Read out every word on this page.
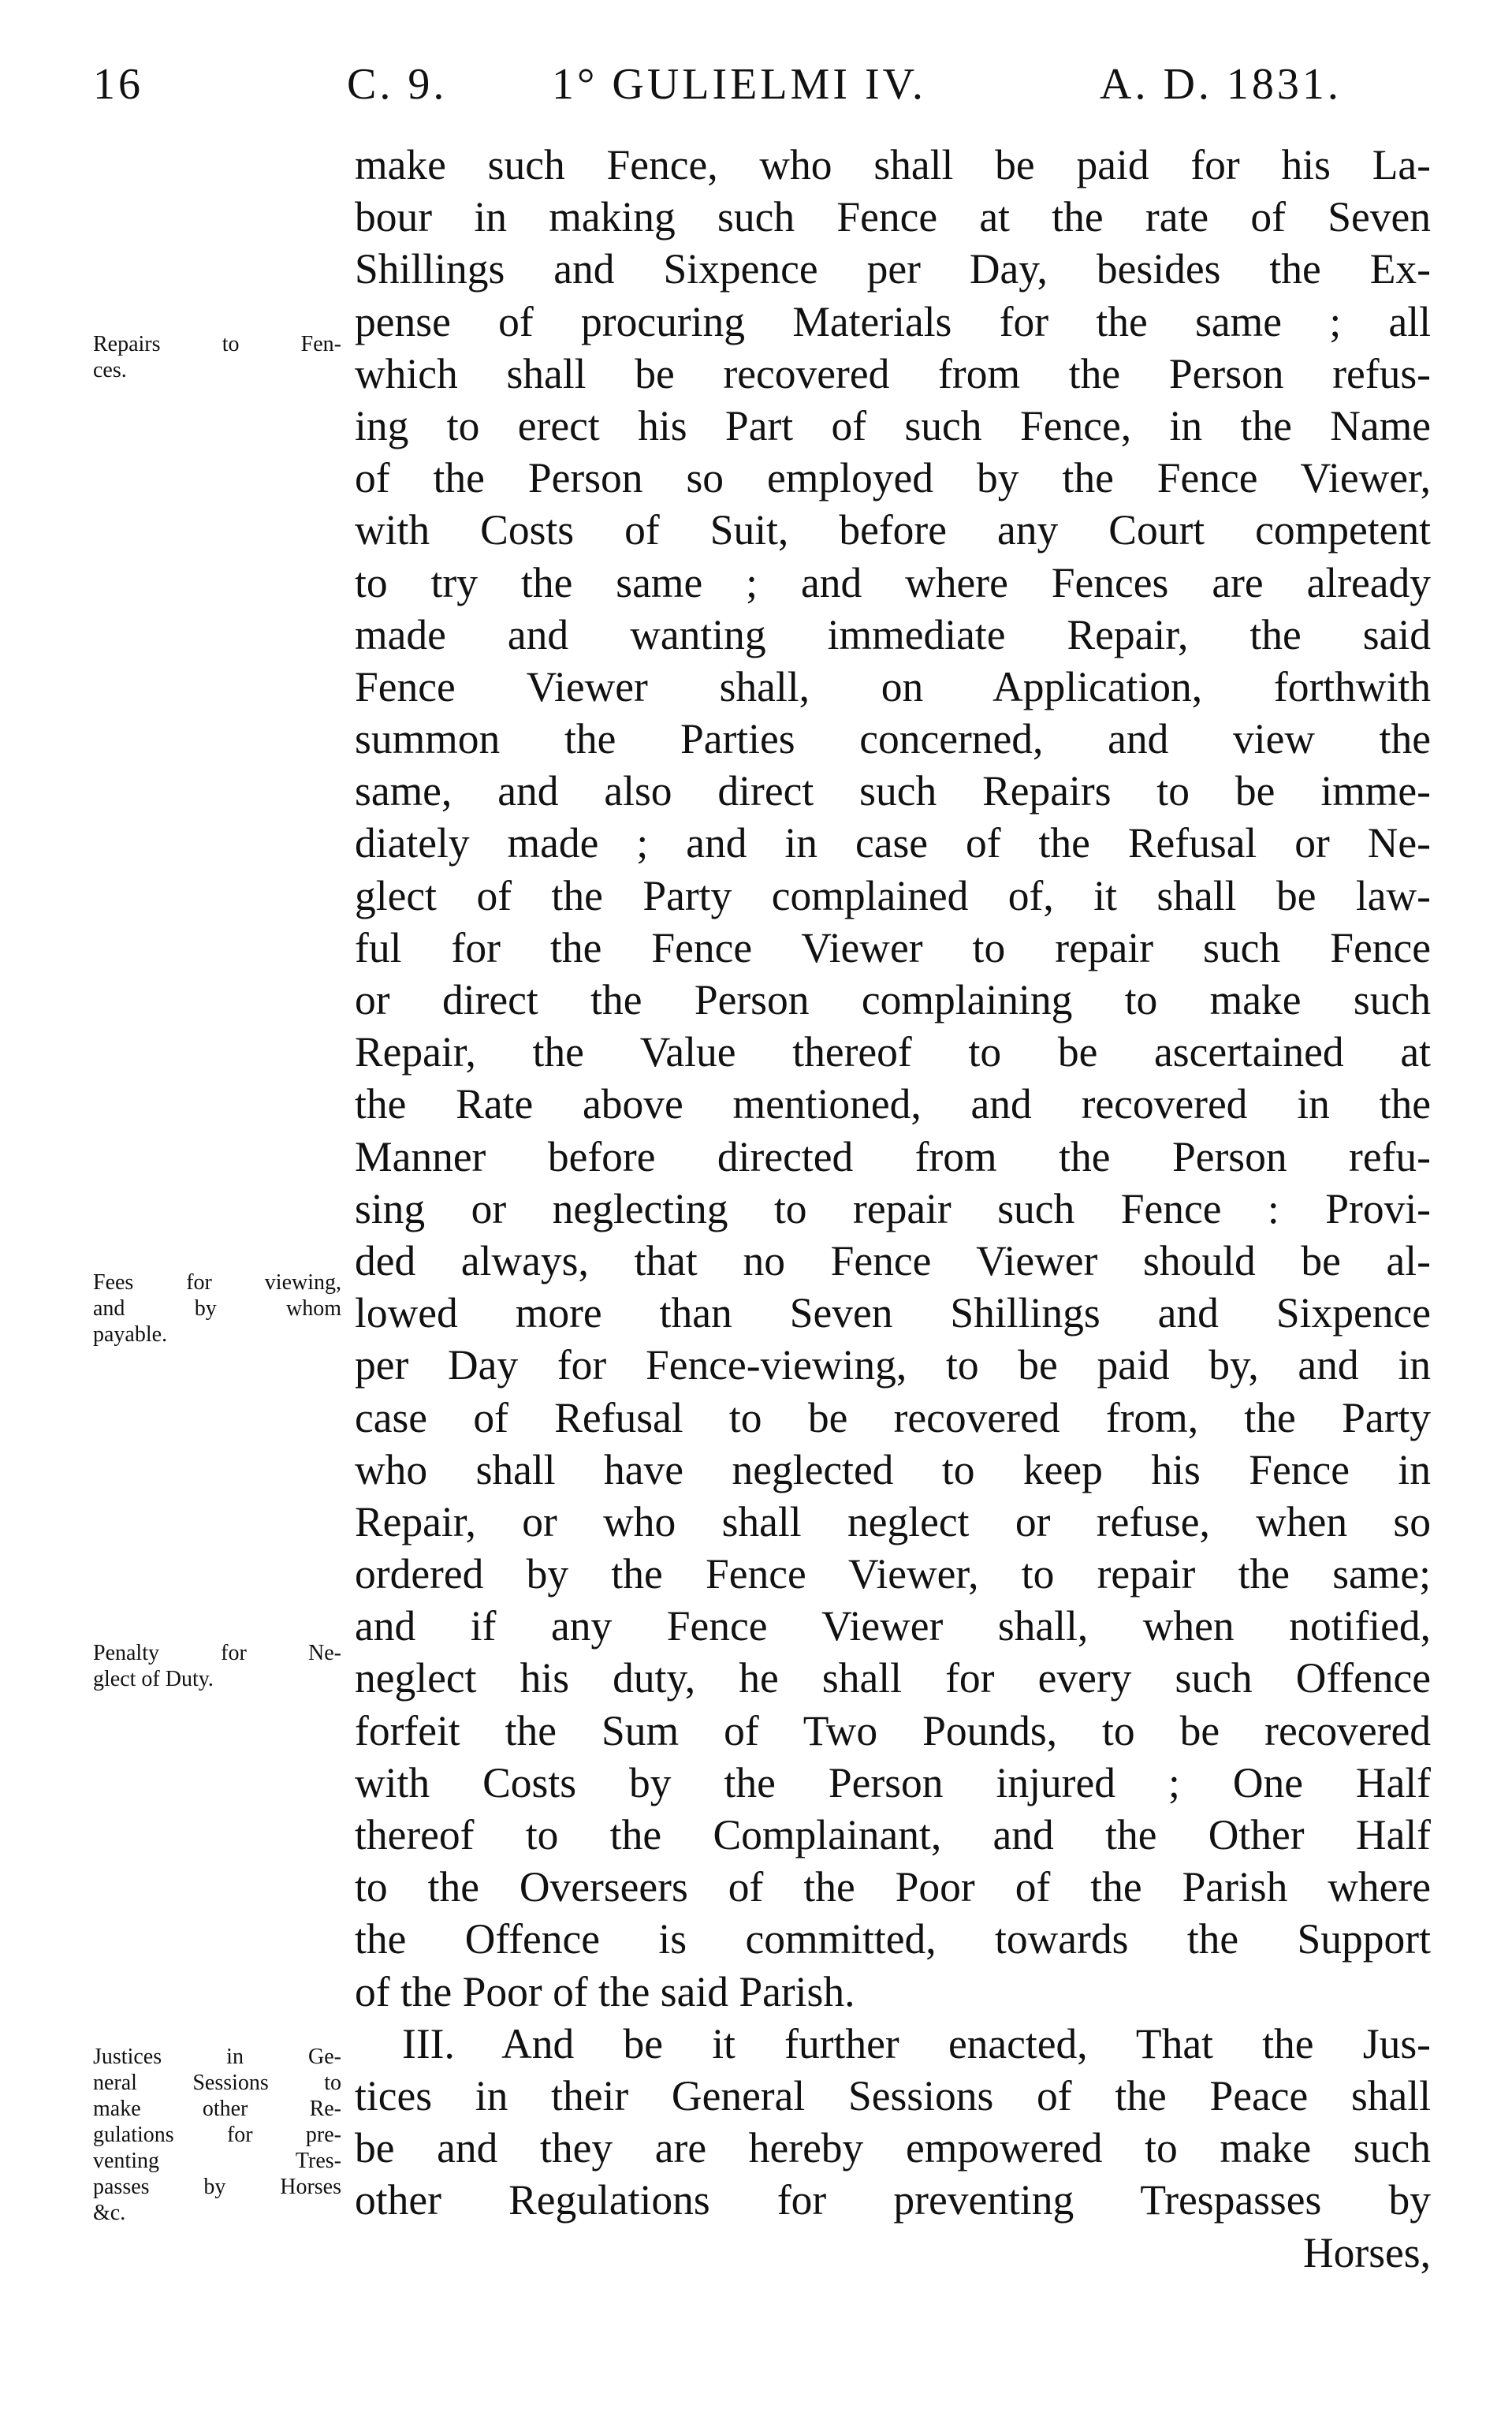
16	C. 9. 1° GULIELMI IV.	A. D. 1831.
Repairs to Fen-
ces.
Fees for viewing,
and by whom
payable.
Penalty for Ne-
glect of Duty.
Justices in Ge-
neral Sessions to
make other Re-
gulations for pre-
venting Tres-
passes by Horses
&c.
make such Fence, who shall be paid for his La-
bour in making such Fence at the rate of Seven
Shillings and Sixpence per Day, besides the Ex-
pense of procuring Materials for the same ; all
which shall be recovered from the Person refus-
ing to erect his Part of such Fence, in the Name
of the Person so employed by the Fence Viewer,
with Costs of Suit, before any Court competent
to try the same ; and where Fences are already
made and wanting immediate Repair, the said
Fence Viewer shall, on Application, forthwith
summon the Parties concerned, and view the
same, and also direct such Repairs to be imme-
diately made ; and in case of the Refusal or Ne-
glect of the Party complained of, it shall be law-
ful for the Fence Viewer to repair such Fence
or direct the Person complaining to make such
Repair, the Value thereof to be ascertained at
the Rate above mentioned, and recovered in the
Manner before directed from the Person refu-
sing or neglecting to repair such Fence : Provi-
ded always, that no Fence Viewer should be al-
lowed more than Seven Shillings and Sixpence
per Day for Fence-viewing, to be paid by, and in
case of Refusal to be recovered from, the Party
who shall have neglected to keep his Fence in
Repair, or who shall neglect or refuse, when so
ordered by the Fence Viewer, to repair the same;
and if any Fence Viewer shall, when notified,
neglect his duty, he shall for every such Offence
forfeit the Sum of Two Pounds, to be recovered
with Costs by the Person injured ; One Half
thereof to the Complainant, and the Other Half
to the Overseers of the Poor of the Parish where
the Offence is committed, towards the Support
of the Poor of the said Parish.
III. And be it further enacted, That the Jus-
tices in their General Sessions of the Peace shall
be and they are hereby empowered to make such
other Regulations for preventing Trespasses by
Horses,
